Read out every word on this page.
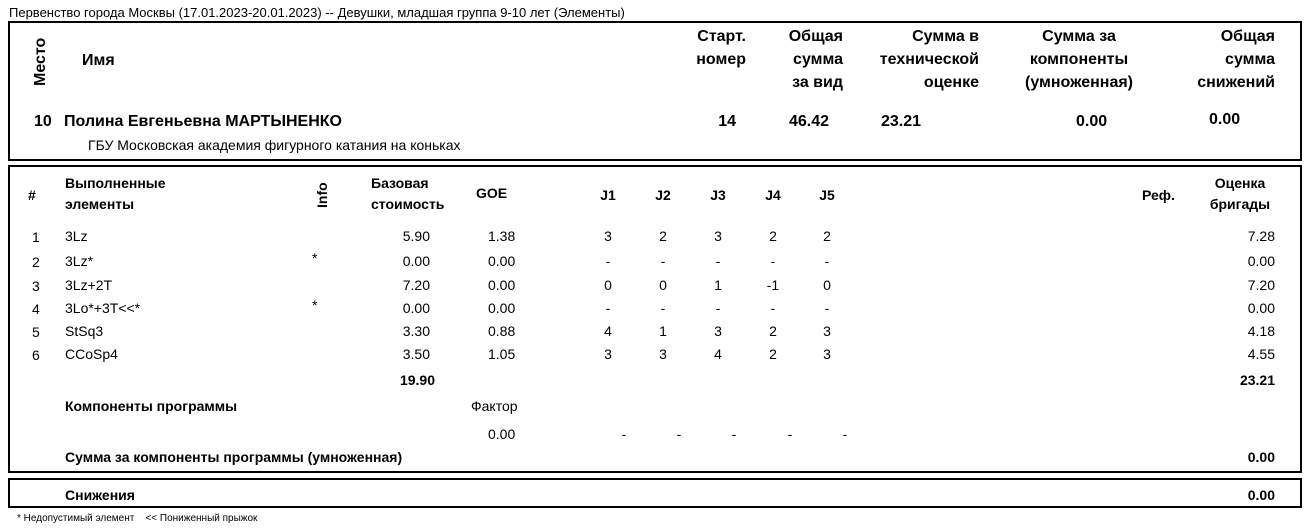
Первенство города Москвы (17.01.2023-20.01.2023) -- Девушки, младшая группа 9-10 лет (Элементы)
Место Имя
Старт.
номер
Общая
сумма
за вид
Сумма в
технической
оценке
Сумма за
компоненты
(умноженная)
Общая
сумма
снижений
10 Полина Евгеньевна МАРТЫНЕНКО
ГБУ Московская академия фигурного катания на коньках
14	46.42	23.21	0.00	0.00
#
Выполненные
элементы	Info	Базовая
стоимость
GOE	J1	J2	J3	J4	J5	Реф.
Оценка
бригады
1 3Lz	5.90	1.38	3	2	3	2	2	7.28
2 3Lz*	*	0.00	0.00	-	-	-	-	-	0.00
3 3Lz+2T	7.20	0.00	0	0	1	-1	0	7.20
4 3Lo*+3T<<*	*	0.00	0.00	-	-	-	-	-	0.00
5 StSq3	3.30	0.88	4	1	3	2	3	4.18
6 CCoSp4	3.50	1.05	3	3	4	2	3	4.55
19.90	23.21
Компоненты программы	Фактор
0.00	-	-	-	-	-
Сумма за компоненты программы (умноженная)	0.00
Снижения	0.00
* Недопустимый элемент    << Пониженный прыжок
